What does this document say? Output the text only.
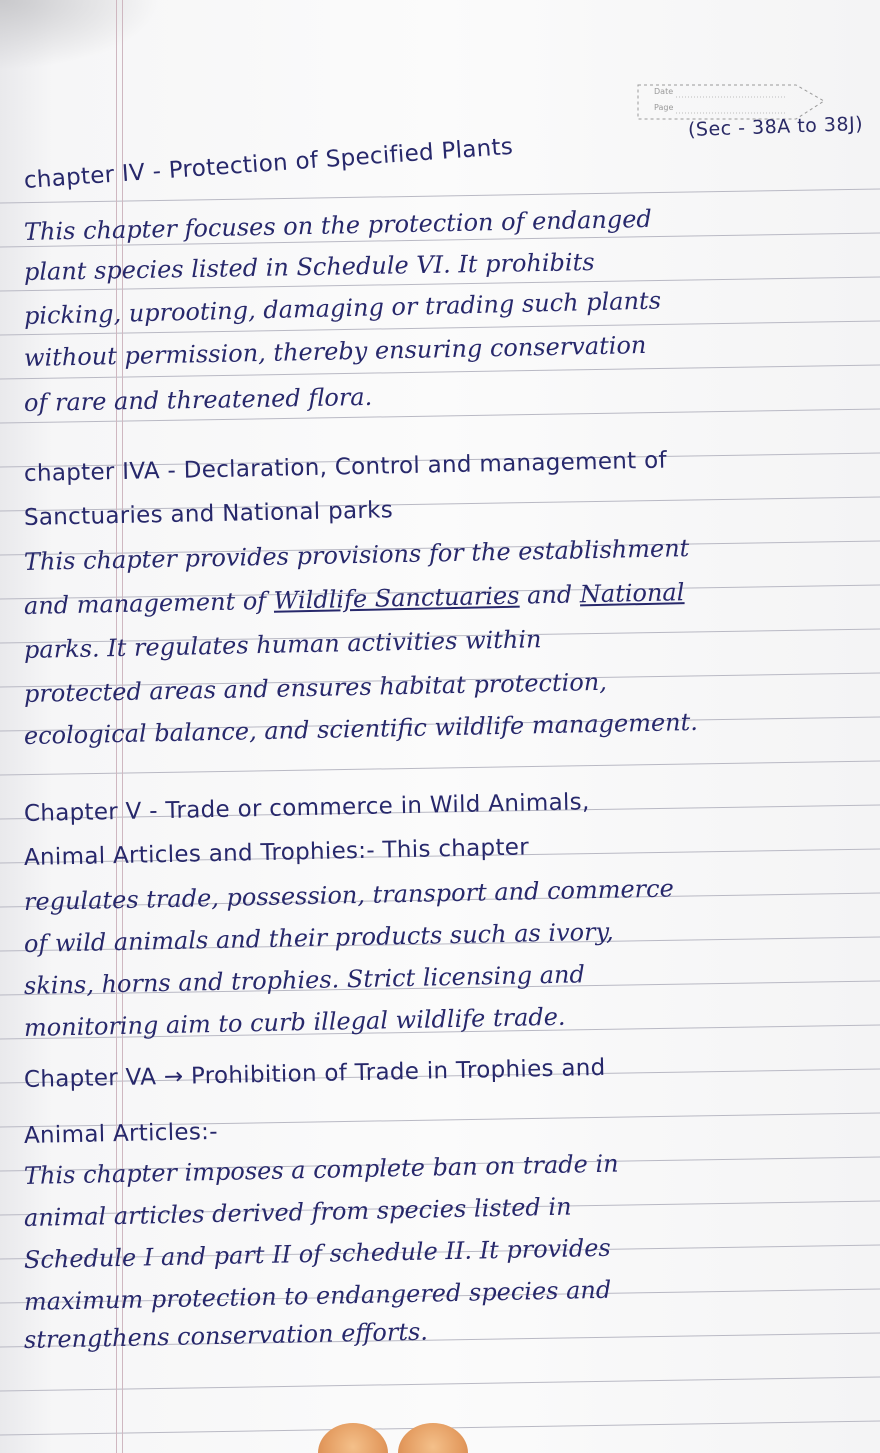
Date
Page
(Sec - 38A to 38J)
chapter IV - Protection of Specified Plants
This chapter focuses on the protection of endanged
plant species listed in Schedule VI. It prohibits
picking, uprooting, damaging or trading such plants
without permission, thereby ensuring conservation
of rare and threatened flora.
chapter IVA - Declaration, Control and management of
Sanctuaries and National parks
This chapter provides provisions for the establishment
and management of Wildlife Sanctuaries and National
parks. It regulates human activities within
protected areas and ensures habitat protection,
ecological balance, and scientific wildlife management.
Chapter V - Trade or commerce in Wild Animals,
Animal Articles and Trophies:- This chapter
regulates trade, possession, transport and commerce
of wild animals and their products such as ivory,
skins, horns and trophies. Strict licensing and
monitoring aim to curb illegal wildlife trade.
Chapter VA → Prohibition of Trade in Trophies and
Animal Articles:-
This chapter imposes a complete ban on trade in
animal articles derived from species listed in
Schedule I and part II of schedule II. It provides
maximum protection to endangered species and
strengthens conservation efforts.
